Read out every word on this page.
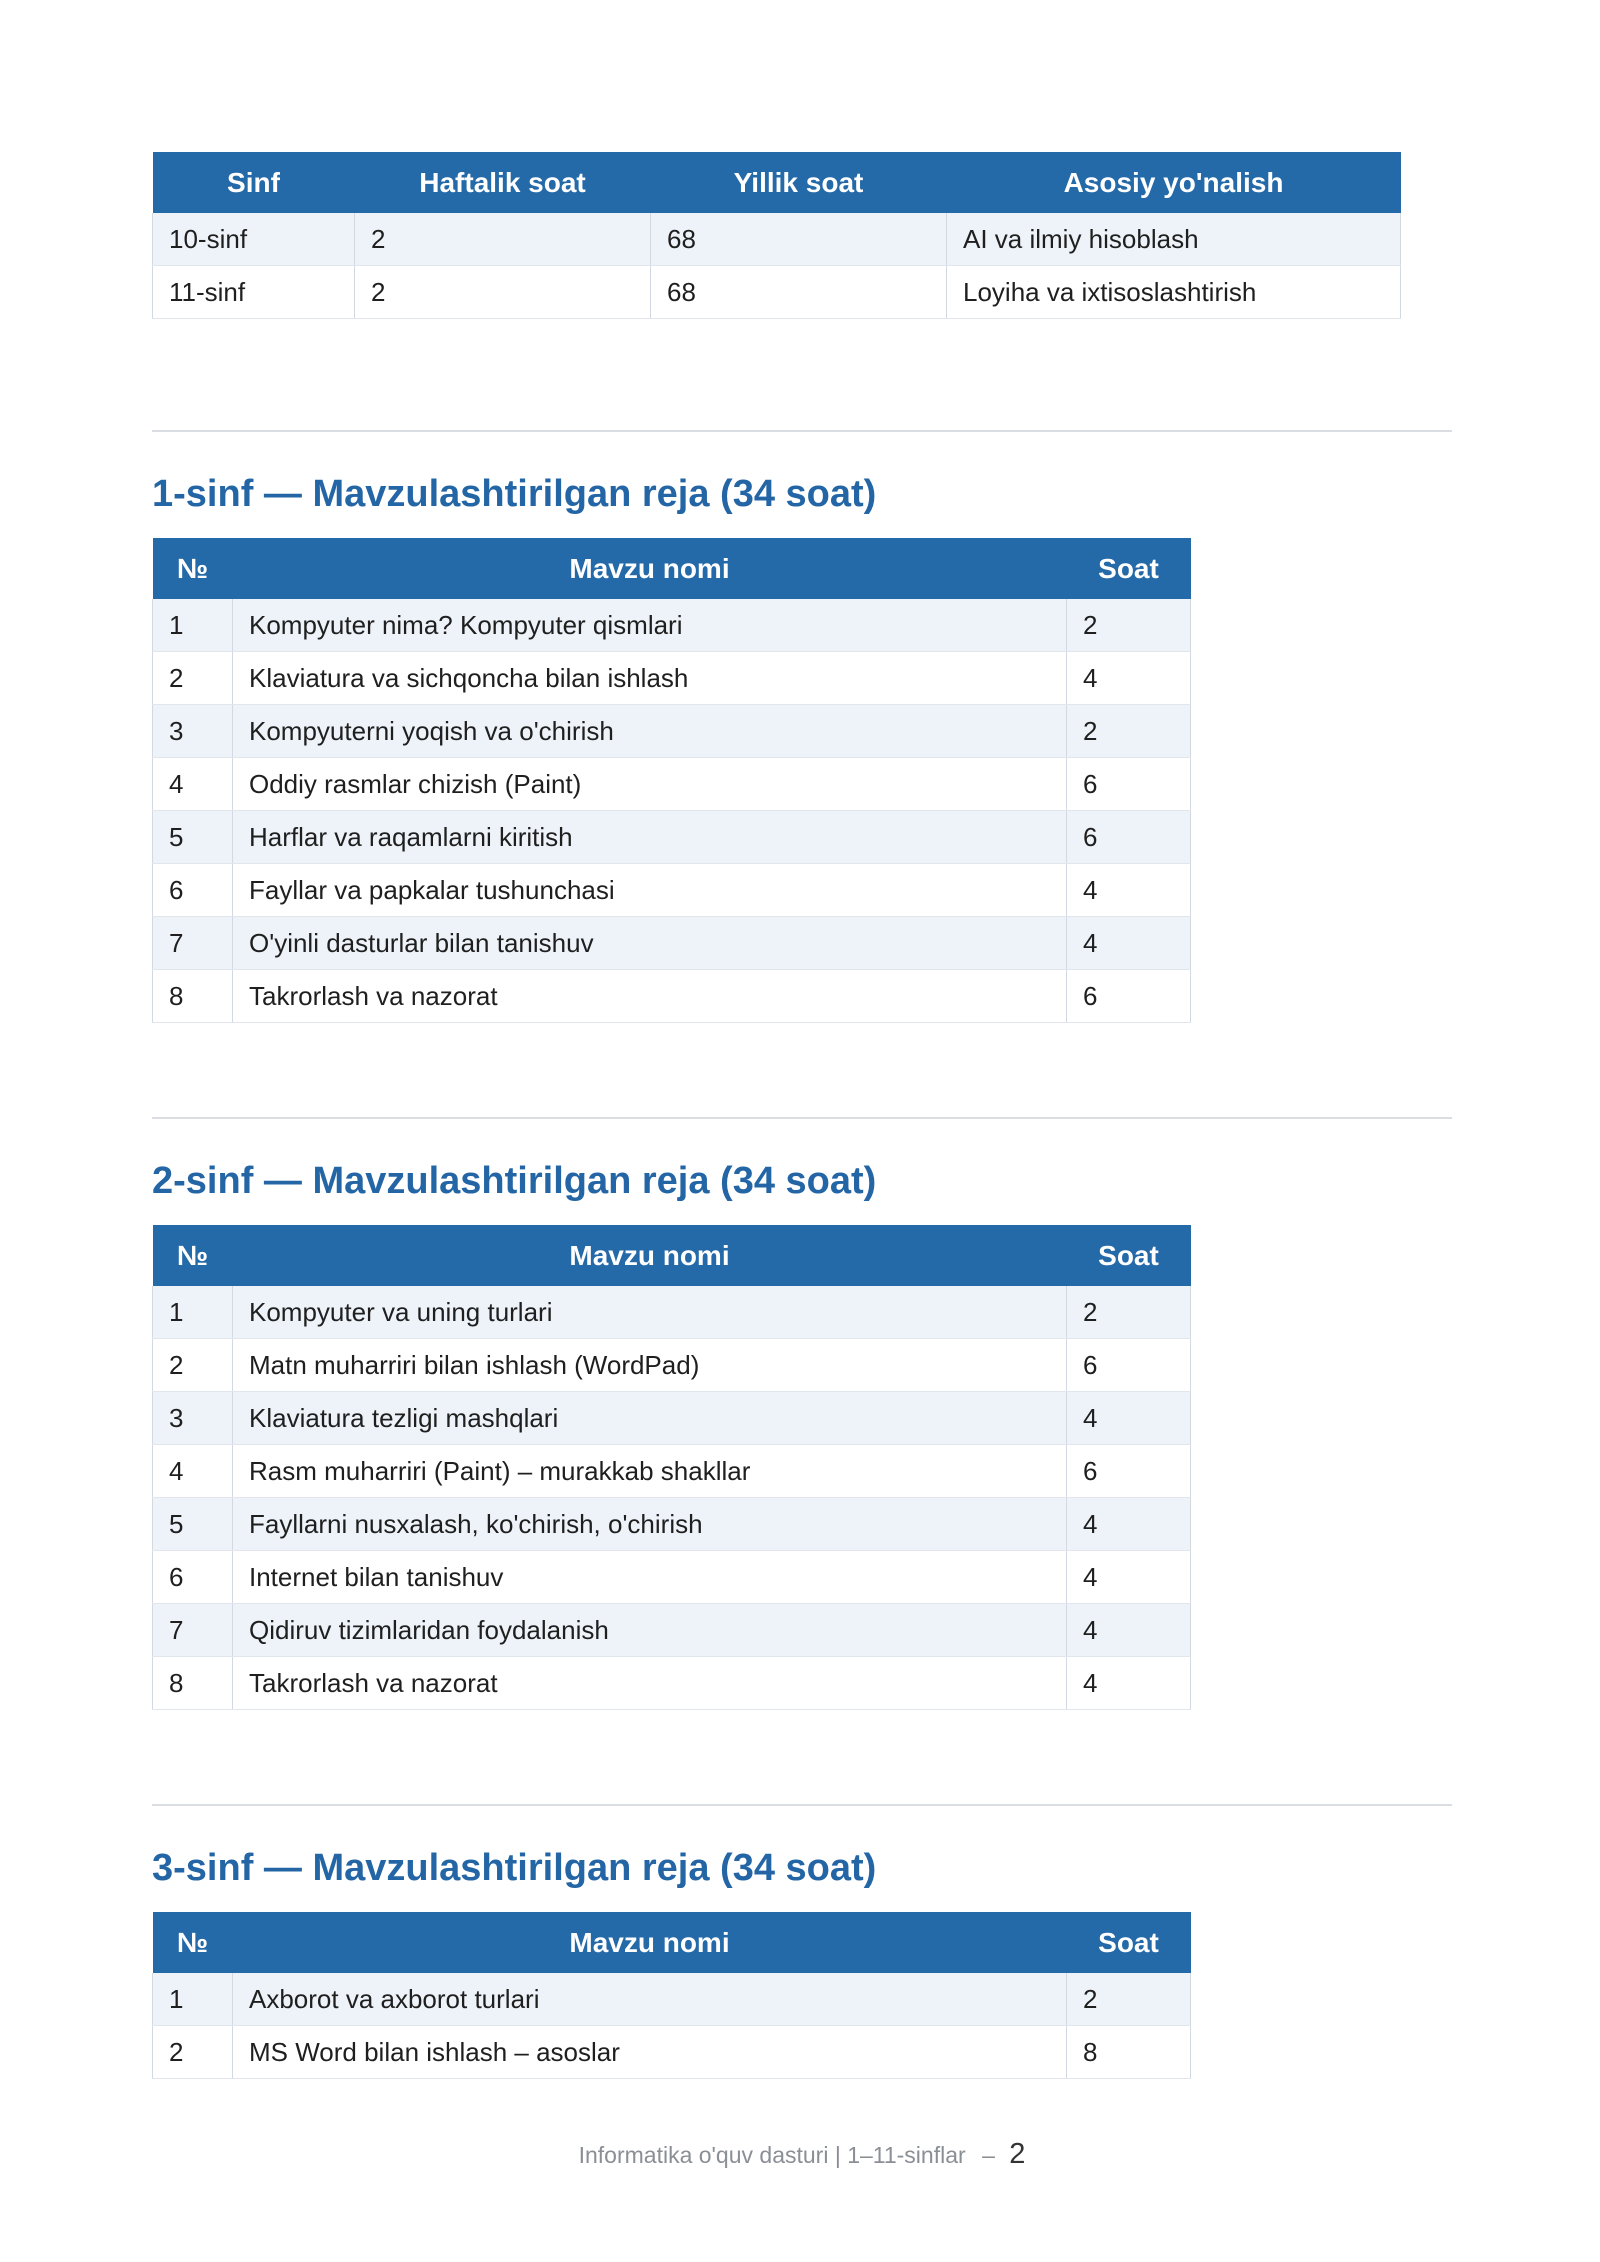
Sinf	Haftalik soat	Yillik soat	Asosiy yo'nalish
10-sinf	2	68	AI va ilmiy hisoblash
11-sinf	2	68	Loyiha va ixtisoslashtirish
1-sinf — Mavzulashtirilgan reja (34 soat)
№	Mavzu nomi	Soat
1	Kompyuter nima? Kompyuter qismlari	2
2	Klaviatura va sichqoncha bilan ishlash	4
3	Kompyuterni yoqish va o'chirish	2
4	Oddiy rasmlar chizish (Paint)	6
5	Harflar va raqamlarni kiritish	6
6	Fayllar va papkalar tushunchasi	4
7	O'yinli dasturlar bilan tanishuv	4
8	Takrorlash va nazorat	6
2-sinf — Mavzulashtirilgan reja (34 soat)
№	Mavzu nomi	Soat
1	Kompyuter va uning turlari	2
2	Matn muharriri bilan ishlash (WordPad)	6
3	Klaviatura tezligi mashqlari	4
4	Rasm muharriri (Paint) – murakkab shakllar	6
5	Fayllarni nusxalash, ko'chirish, o'chirish	4
6	Internet bilan tanishuv	4
7	Qidiruv tizimlaridan foydalanish	4
8	Takrorlash va nazorat	4
3-sinf — Mavzulashtirilgan reja (34 soat)
№	Mavzu nomi	Soat
1	Axborot va axborot turlari	2
2	MS Word bilan ishlash – asoslar	8
Informatika o'quv dasturi | 1–11-sinflar – 2
